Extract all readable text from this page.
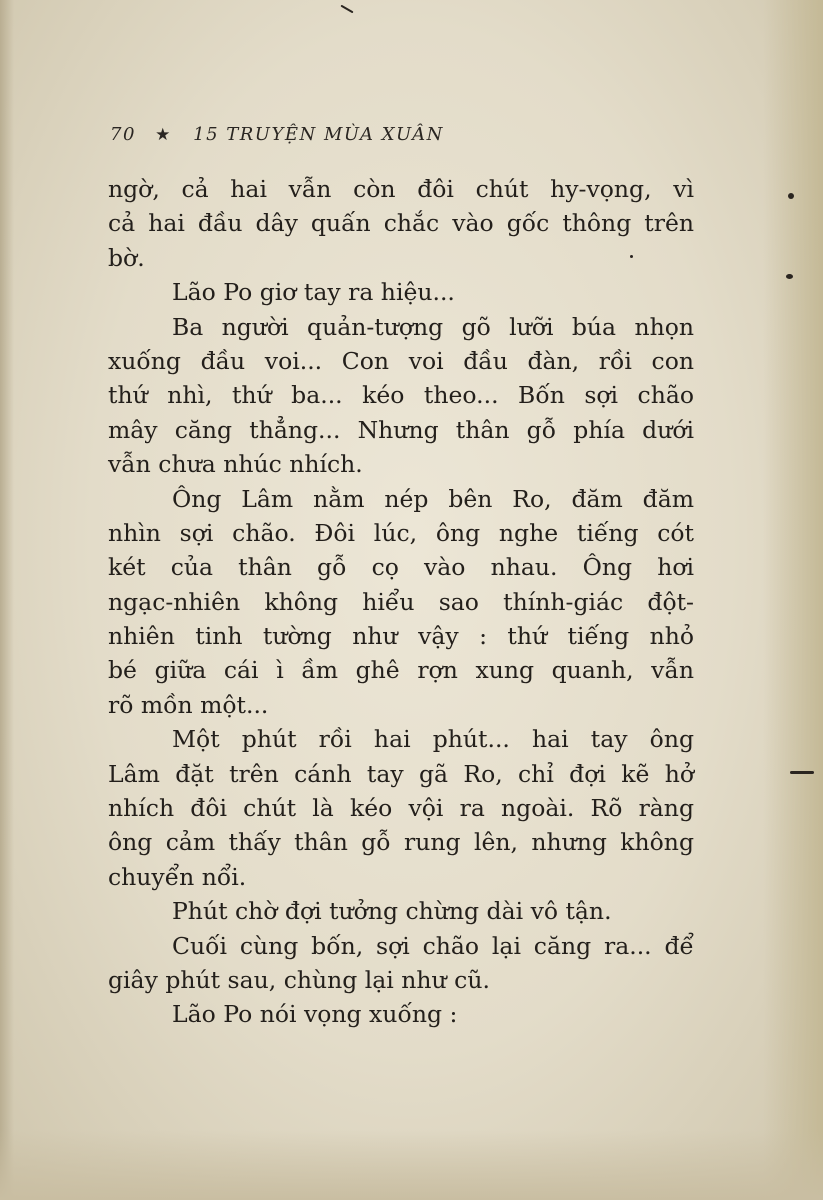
70 ★ 15 TRUYỆN MÙA XUÂN
ngờ, cả hai vẫn còn đôi chút hy-vọng, vì
cả hai đầu dây quấn chắc vào gốc thông trên
bờ.
Lão Po giơ tay ra hiệu...
Ba người quản-tượng gõ lưỡi búa nhọn
xuống đầu voi... Con voi đầu đàn, rồi con
thứ nhì, thứ ba... kéo theo... Bốn sợi chão
mây căng thẳng... Nhưng thân gỗ phía dưới
vẫn chưa nhúc nhích.
Ông Lâm nằm nép bên Ro, đăm đăm
nhìn sợi chão. Đôi lúc, ông nghe tiếng cót
két của thân gỗ cọ vào nhau. Ông hơi
ngạc-nhiên không hiểu sao thính-giác đột-
nhiên tinh tường như vậy : thứ tiếng nhỏ
bé giữa cái ì ầm ghê rợn xung quanh, vẫn
rõ mồn một...
Một phút rồi hai phút... hai tay ông
Lâm đặt trên cánh tay gã Ro, chỉ đợi kẽ hở
nhích đôi chút là kéo vội ra ngoài. Rõ ràng
ông cảm thấy thân gỗ rung lên, nhưng không
chuyển nổi.
Phút chờ đợi tưởng chừng dài vô tận.
Cuối cùng bốn, sợi chão lại căng ra... để
giây phút sau, chùng lại như cũ.
Lão Po nói vọng xuống :
